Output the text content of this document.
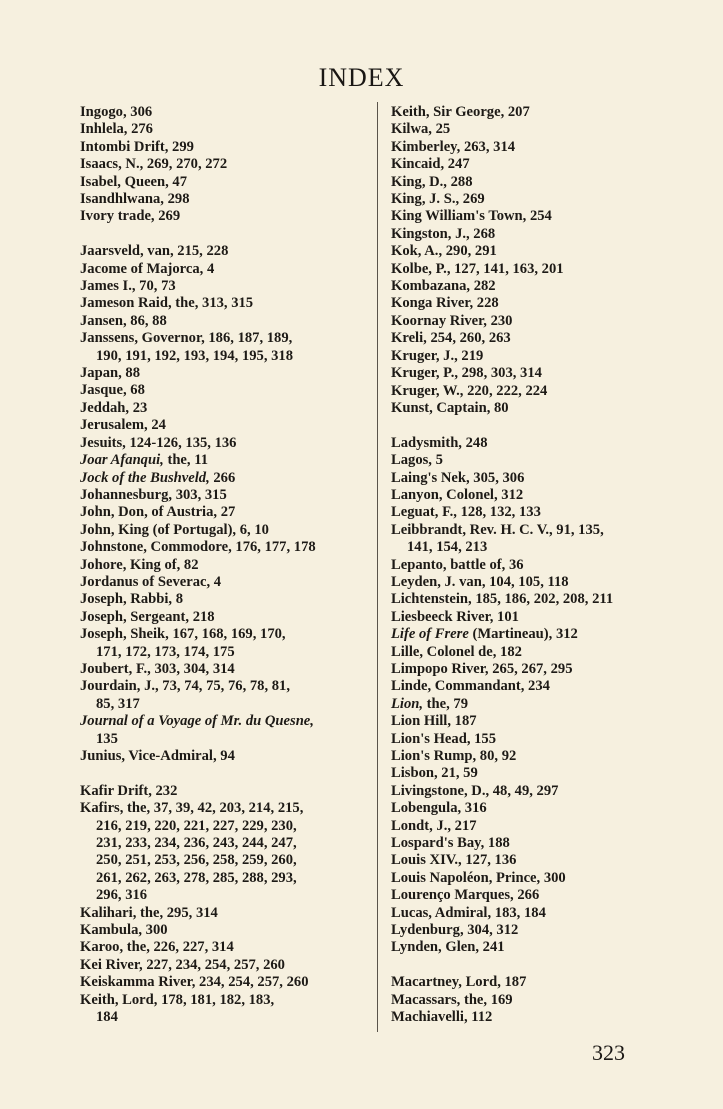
INDEX
Ingogo, 306
Inhlela, 276
Intombi Drift, 299
Isaacs, N., 269, 270, 272
Isabel, Queen, 47
Isandhlwana, 298
Ivory trade, 269
Jaarsveld, van, 215, 228
Jacome of Majorca, 4
James I., 70, 73
Jameson Raid, the, 313, 315
Jansen, 86, 88
Janssens, Governor, 186, 187, 189,
190, 191, 192, 193, 194, 195, 318
Japan, 88
Jasque, 68
Jeddah, 23
Jerusalem, 24
Jesuits, 124-126, 135, 136
Joar Afanqui, the, 11
Jock of the Bushveld, 266
Johannesburg, 303, 315
John, Don, of Austria, 27
John, King (of Portugal), 6, 10
Johnstone, Commodore, 176, 177, 178
Johore, King of, 82
Jordanus of Severac, 4
Joseph, Rabbi, 8
Joseph, Sergeant, 218
Joseph, Sheik, 167, 168, 169, 170,
171, 172, 173, 174, 175
Joubert, F., 303, 304, 314
Jourdain, J., 73, 74, 75, 76, 78, 81,
85, 317
Journal of a Voyage of Mr. du Quesne,
135
Junius, Vice-Admiral, 94
Kafir Drift, 232
Kafirs, the, 37, 39, 42, 203, 214, 215,
216, 219, 220, 221, 227, 229, 230,
231, 233, 234, 236, 243, 244, 247,
250, 251, 253, 256, 258, 259, 260,
261, 262, 263, 278, 285, 288, 293,
296, 316
Kalihari, the, 295, 314
Kambula, 300
Karoo, the, 226, 227, 314
Kei River, 227, 234, 254, 257, 260
Keiskamma River, 234, 254, 257, 260
Keith, Lord, 178, 181, 182, 183,
184
Keith, Sir George, 207
Kilwa, 25
Kimberley, 263, 314
Kincaid, 247
King, D., 288
King, J. S., 269
King William's Town, 254
Kingston, J., 268
Kok, A., 290, 291
Kolbe, P., 127, 141, 163, 201
Kombazana, 282
Konga River, 228
Koornay River, 230
Kreli, 254, 260, 263
Kruger, J., 219
Kruger, P., 298, 303, 314
Kruger, W., 220, 222, 224
Kunst, Captain, 80
Ladysmith, 248
Lagos, 5
Laing's Nek, 305, 306
Lanyon, Colonel, 312
Leguat, F., 128, 132, 133
Leibbrandt, Rev. H. C. V., 91, 135,
141, 154, 213
Lepanto, battle of, 36
Leyden, J. van, 104, 105, 118
Lichtenstein, 185, 186, 202, 208, 211
Liesbeeck River, 101
Life of Frere (Martineau), 312
Lille, Colonel de, 182
Limpopo River, 265, 267, 295
Linde, Commandant, 234
Lion, the, 79
Lion Hill, 187
Lion's Head, 155
Lion's Rump, 80, 92
Lisbon, 21, 59
Livingstone, D., 48, 49, 297
Lobengula, 316
Londt, J., 217
Lospard's Bay, 188
Louis XIV., 127, 136
Louis Napoléon, Prince, 300
Lourenço Marques, 266
Lucas, Admiral, 183, 184
Lydenburg, 304, 312
Lynden, Glen, 241
Macartney, Lord, 187
Macassars, the, 169
Machiavelli, 112
323
